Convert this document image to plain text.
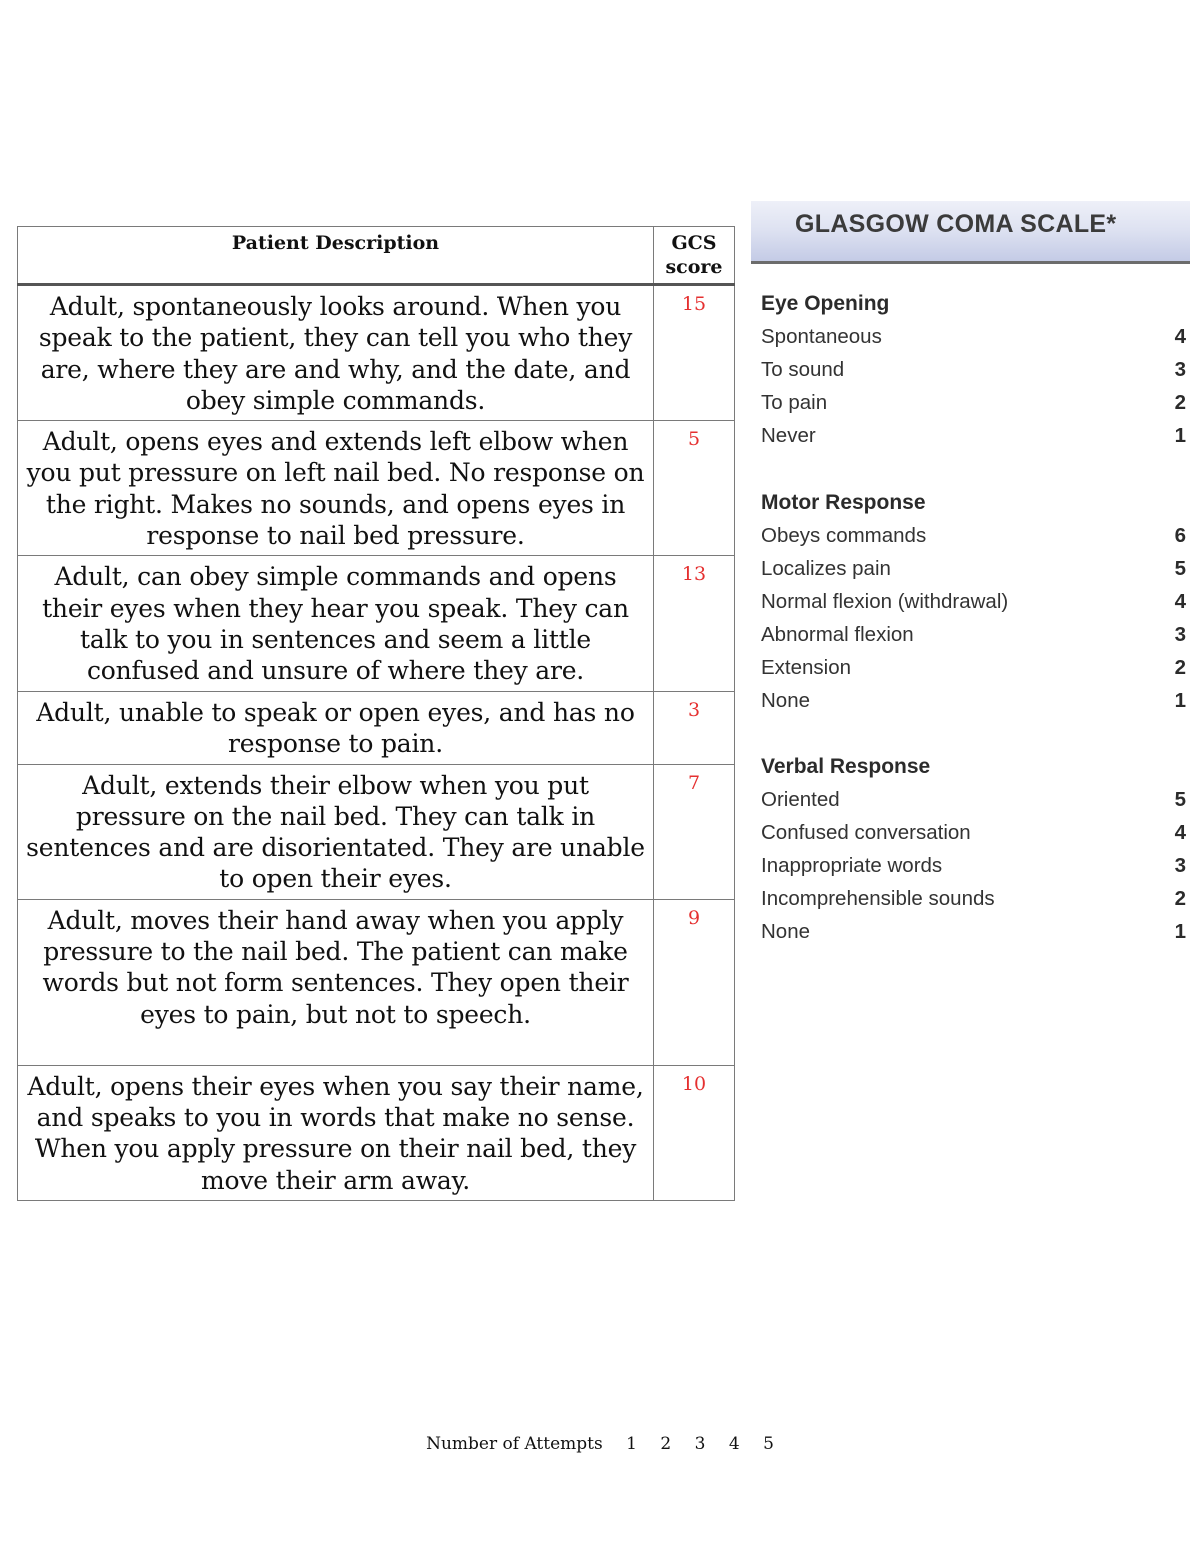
Patient Description	GCS score
Adult, spontaneously looks around. When you speak to the patient, they can tell you who they are, where they are and why, and the date, and obey simple commands.	15
Adult, opens eyes and extends left elbow when you put pressure on left nail bed. No response on the right. Makes no sounds, and opens eyes in response to nail bed pressure.	5
Adult, can obey simple commands and opens their eyes when they hear you speak. They can talk to you in sentences and seem a little confused and unsure of where they are.	13
Adult, unable to speak or open eyes, and has no response to pain.	3
Adult, extends their elbow when you put pressure on the nail bed. They can talk in sentences and are disorientated. They are unable to open their eyes.	7
Adult, moves their hand away when you apply pressure to the nail bed. The patient can make words but not form sentences. They open their eyes to pain, but not to speech.	9
Adult, opens their eyes when you say their name, and speaks to you in words that make no sense. When you apply pressure on their nail bed, they move their arm away.	10
GLASGOW COMA SCALE*
Eye Opening
Spontaneous	4
To sound	3
To pain	2
Never	1
Motor Response
Obeys commands	6
Localizes pain	5
Normal flexion (withdrawal)	4
Abnormal flexion	3
Extension	2
None	1
Verbal Response
Oriented	5
Confused conversation	4
Inappropriate words	3
Incomprehensible sounds	2
None	1
Number of Attempts 1 2 3 4 5
